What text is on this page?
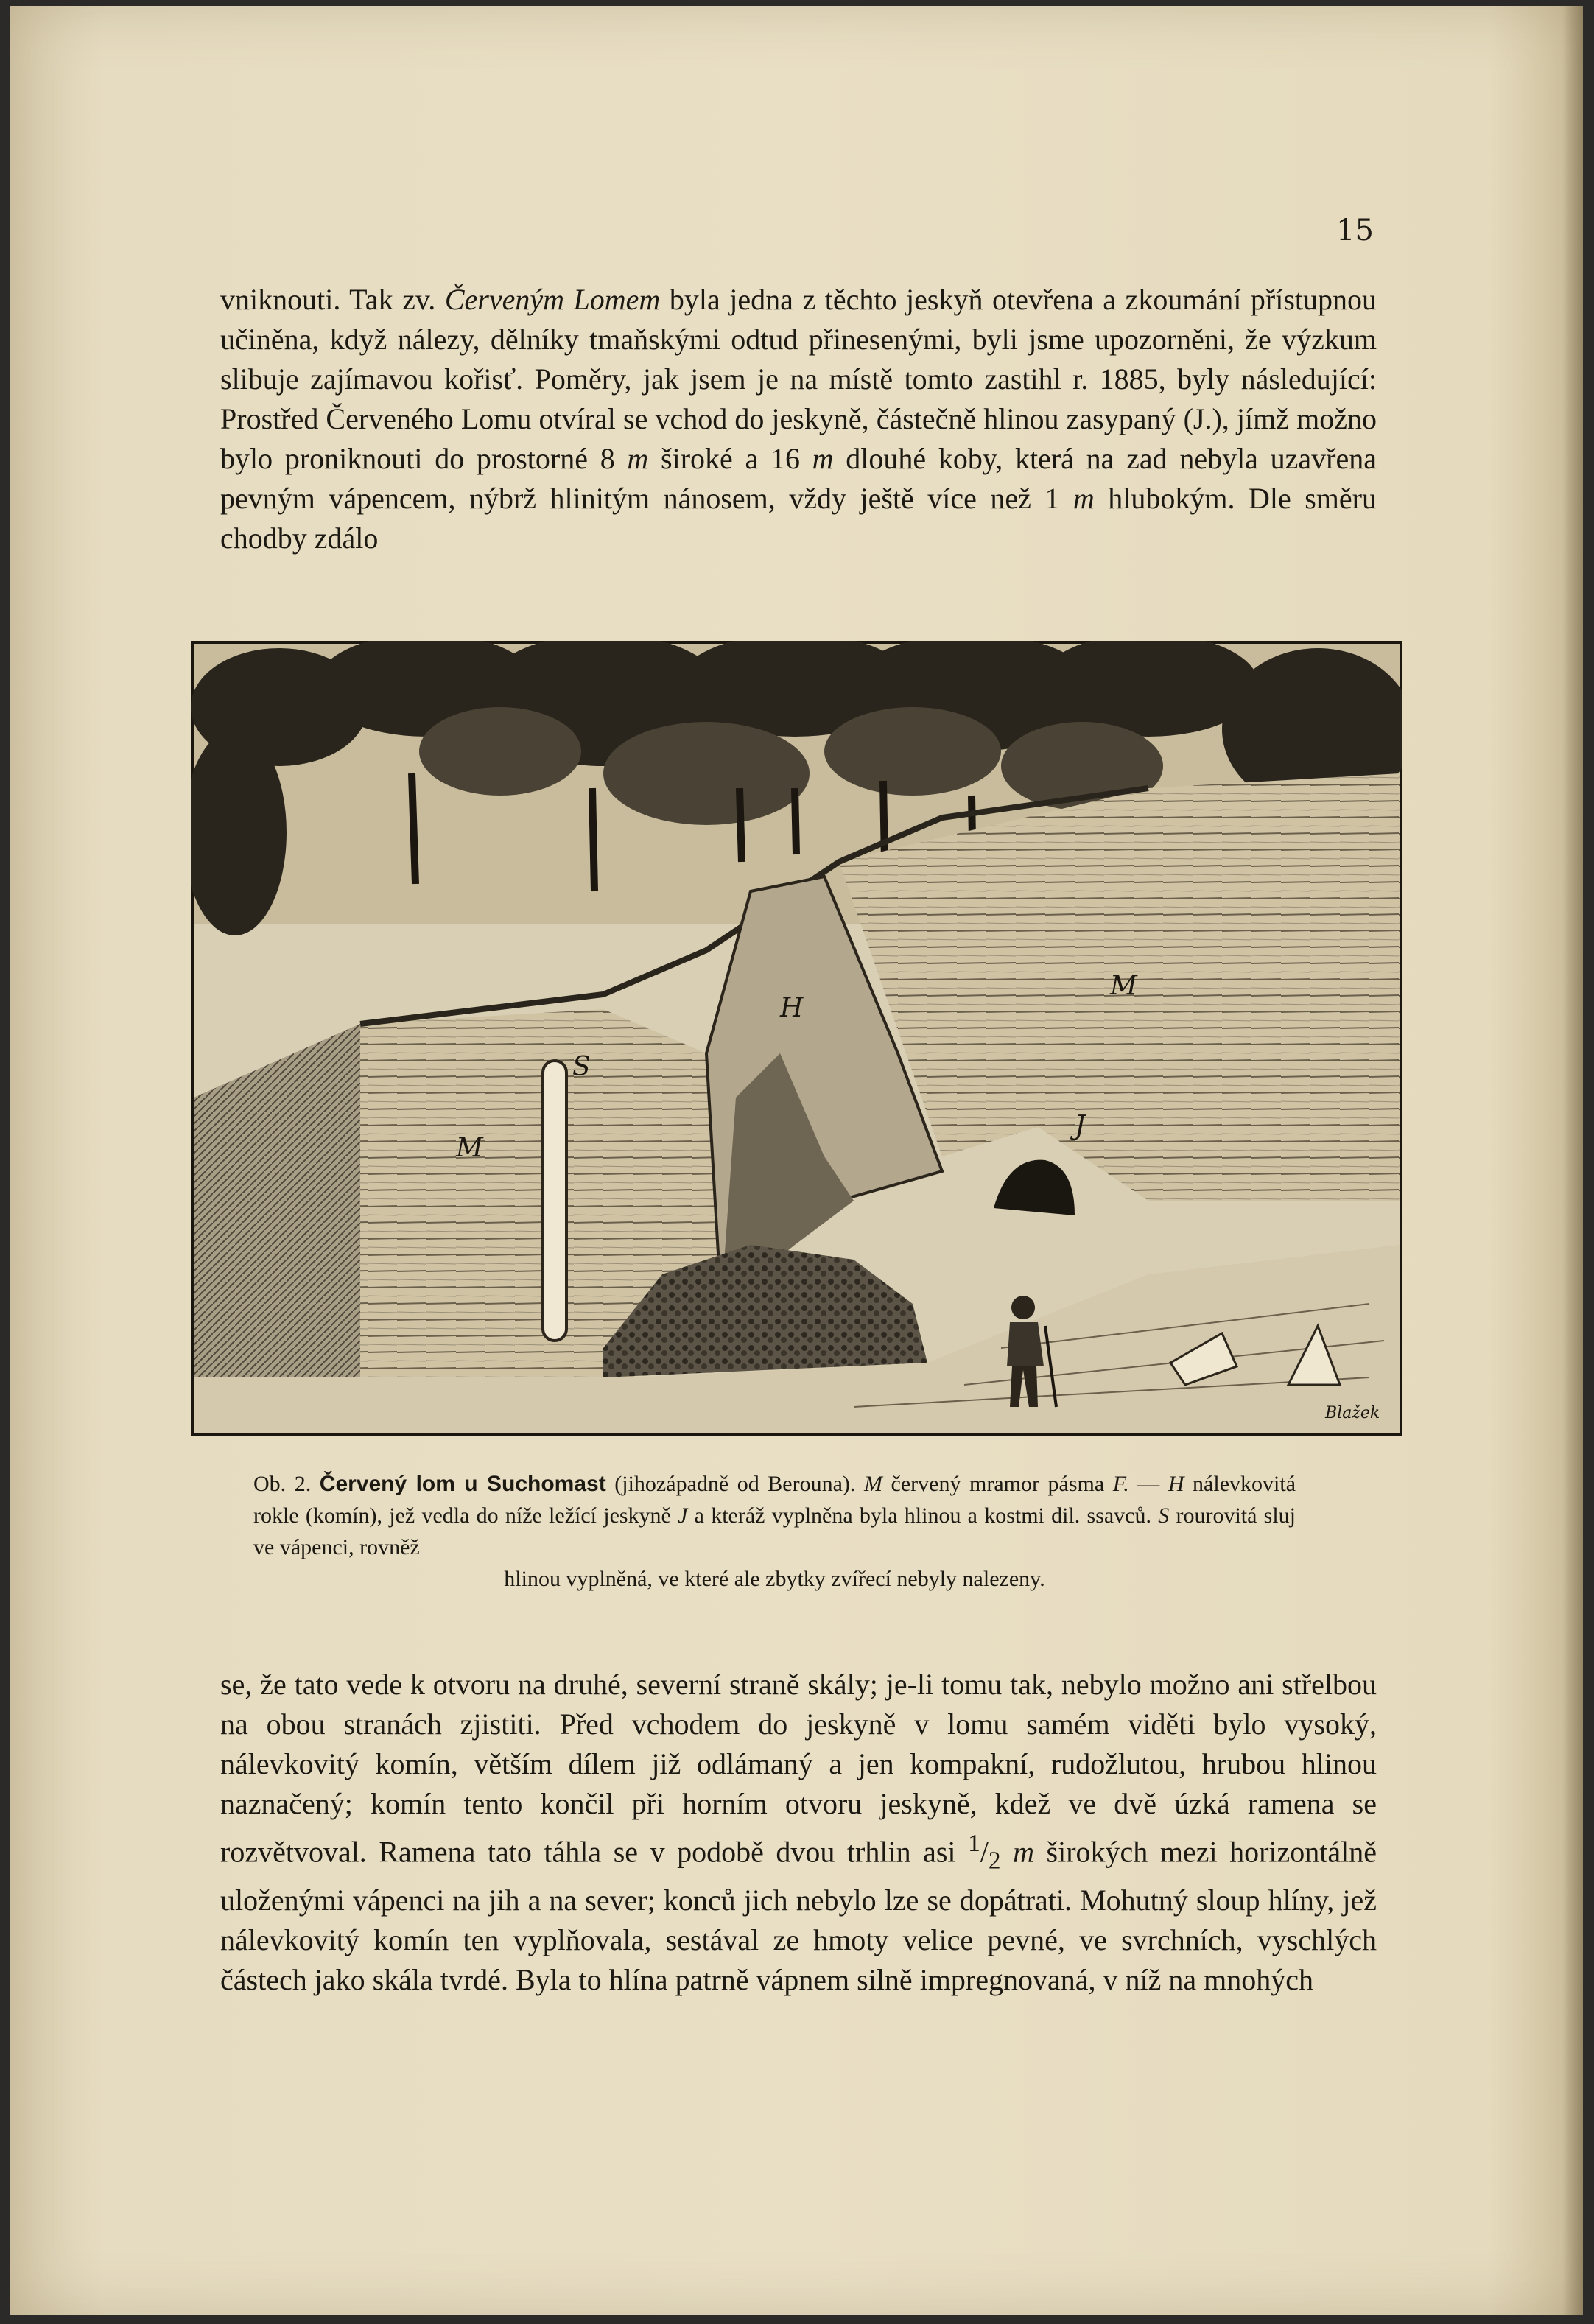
15

vniknouti. Tak zv. Červeným Lomem byla jedna z těchto jeskyň otevřena a zkoumání přístupnou učiněna, když nálezy, dělníky tmaňskými odtud přinesenými, byli jsme upozorněni, že výzkum slibuje zajímavou kořisť. Poměry, jak jsem je na místě tomto zastihl r. 1885, byly následující: Prostřed Červeného Lomu otvíral se vchod do jeskyně, částečně hlinou zasypaný (J.), jímž možno bylo proniknouti do prostorné 8 m široké a 16 m dlouhé koby, která na zad nebyla uzavřena pevným vápencem, nýbrž hlinitým nánosem, vždy ještě více než 1 m hlubokým. Dle směru chodby zdálo

M
S
H
M
J
Blažek

Ob. 2. Červený lom u Suchomast (jihozápadně od Berouna). M červený mramor pásma F. — H nálevkovitá rokle (komín), jež vedla do níže ležící jeskyně J a kteráž vyplněna byla hlinou a kostmi dil. ssavců. S rourovitá sluj ve vápenci, rovněž
hlinou vyplněná, ve které ale zbytky zvířecí nebyly nalezeny.

se, že tato vede k otvoru na druhé, severní straně skály; je-li tomu tak, nebylo možno ani střelbou na obou stranách zjistiti. Před vchodem do jeskyně v lomu samém viděti bylo vysoký, nálevkovitý komín, větším dílem již odlámaný a jen kompakní, rudožlutou, hrubou hlinou naznačený; komín tento končil při horním otvoru jeskyně, kdež ve dvě úzká ramena se rozvětvoval. Ramena tato táhla se v podobě dvou trhlin asi $^1/_2$ m širokých mezi horizontálně uloženými vápenci na jih a na sever; konců jich nebylo lze se dopátrati. Mohutný sloup hlíny, jež nálevkovitý komín ten vyplňovala, sestával ze hmoty velice pevné, ve svrchních, vyschlých částech jako skála tvrdé. Byla to hlína patrně vápnem silně impregnovaná, v níž na mnohých
